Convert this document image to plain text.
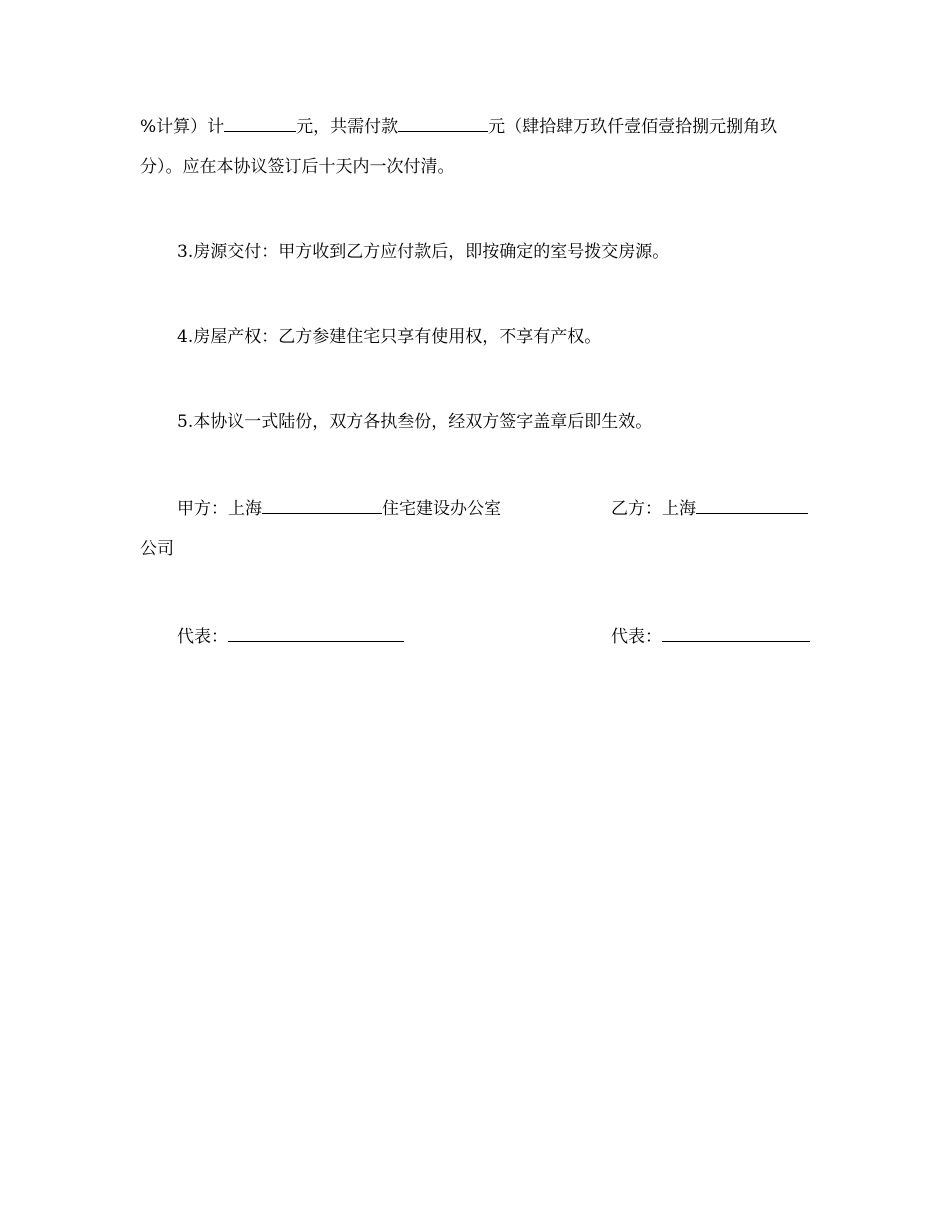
%计算）计	元，共需付款	元（肆拾肆万玖仟壹佰壹拾捌元捌角玖
分）。应在本协议签订后十天内一次付清。
3.房源交付：甲方收到乙方应付款后，即按确定的室号拨交房源。
4.房屋产权：乙方参建住宅只享有使用权，不享有产权。
5.本协议一式陆份，双方各执叁份，经双方签字盖章后即生效。
甲方：上海	住宅建设办公室	乙方：上海
公司
代表：	代表：
